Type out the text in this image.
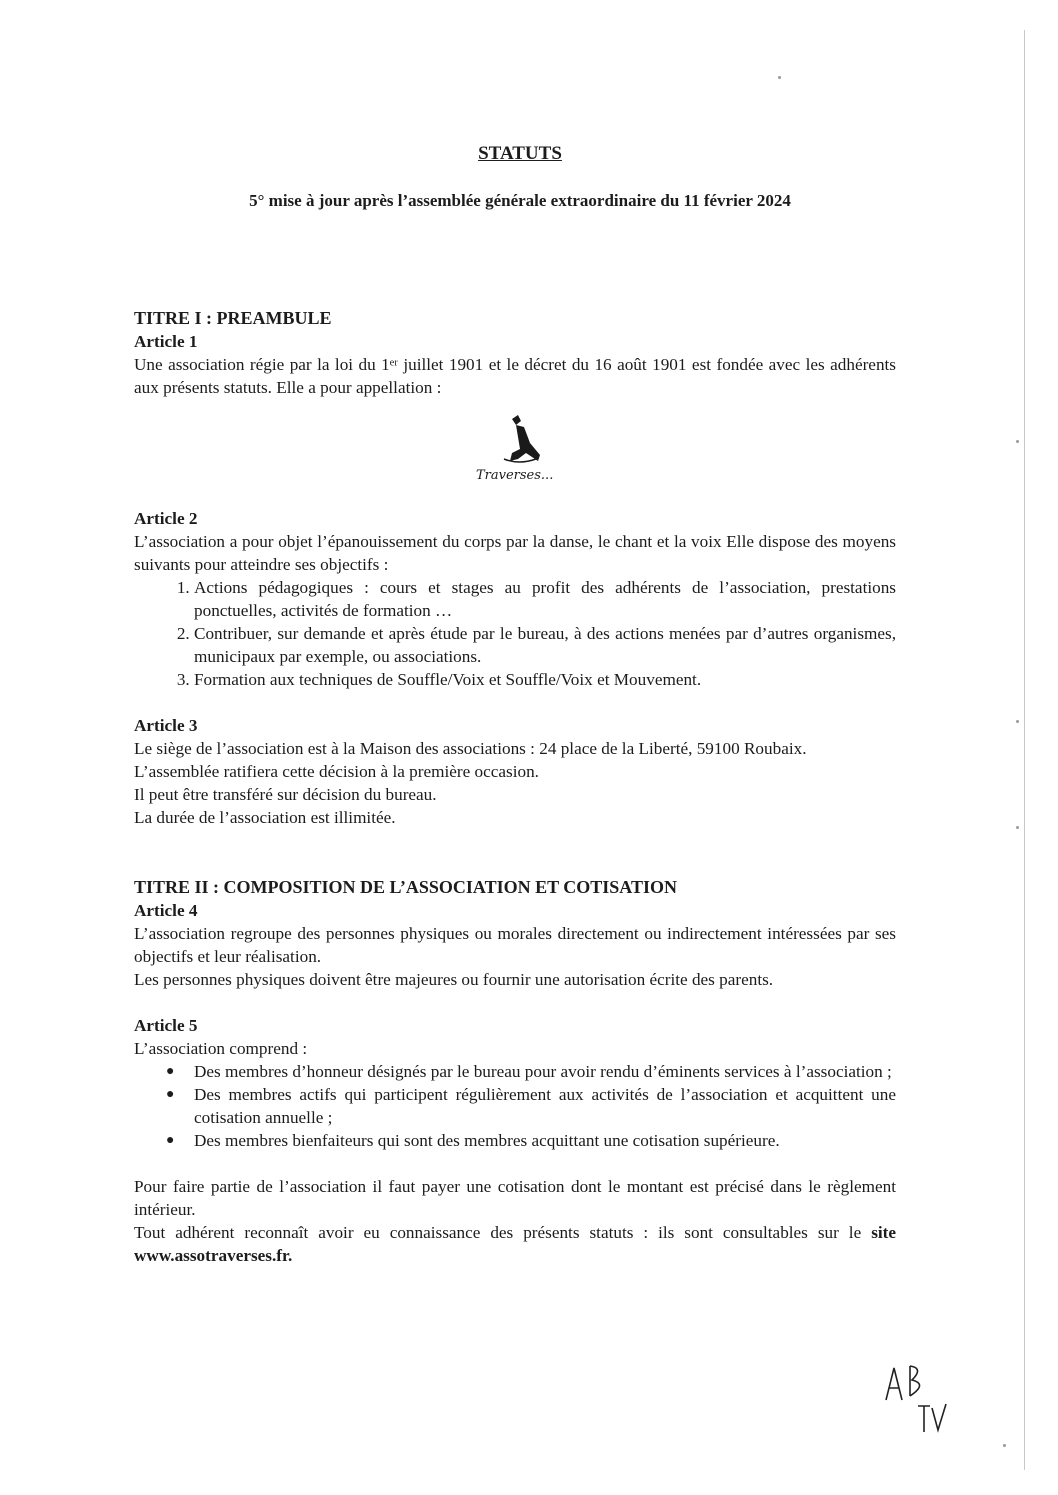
STATUTS
5° mise à jour après l’assemblée générale extraordinaire du 11 février 2024
TITRE I : PREAMBULE
Article 1

Une association régie par la loi du 1ᵉʳ juillet 1901 et le décret du 16 août 1901 est fondée avec les adhérents aux présents statuts. Elle a pour appellation :

Traverses...
Article 2

L’association a pour objet l’épanouissement du corps par la danse, le chant et la voix Elle dispose des moyens suivants pour atteindre ses objectifs :

1. Actions pédagogiques : cours et stages au profit des adhérents de l’association, prestations ponctuelles, activités de formation …
2. Contribuer, sur demande et après étude par le bureau, à des actions menées par d’autres organismes, municipaux par exemple, ou associations.
3. Formation aux techniques de Souffle/Voix et Souffle/Voix et Mouvement.
Article 3

Le siège de l’association est à la Maison des associations : 24 place de la Liberté, 59100 Roubaix.

L’assemblée ratifiera cette décision à la première occasion.

Il peut être transféré sur décision du bureau.

La durée de l’association est illimitée.

TITRE II : COMPOSITION DE L’ASSOCIATION ET COTISATION
Article 4

L’association regroupe des personnes physiques ou morales directement ou indirectement intéressées par ses objectifs et leur réalisation.

Les personnes physiques doivent être majeures ou fournir une autorisation écrite des parents.

Article 5

L’association comprend :

● Des membres d’honneur désignés par le bureau pour avoir rendu d’éminents services à l’association ;
● Des membres actifs qui participent régulièrement aux activités de l’association et acquittent une cotisation annuelle ;
● Des membres bienfaiteurs qui sont des membres acquittant une cotisation supérieure.

Pour faire partie de l’association il faut payer une cotisation dont le montant est précisé dans le règlement intérieur.

Tout adhérent reconnaît avoir eu connaissance des présents statuts : ils sont consultables sur le site www.assotraverses.fr.
